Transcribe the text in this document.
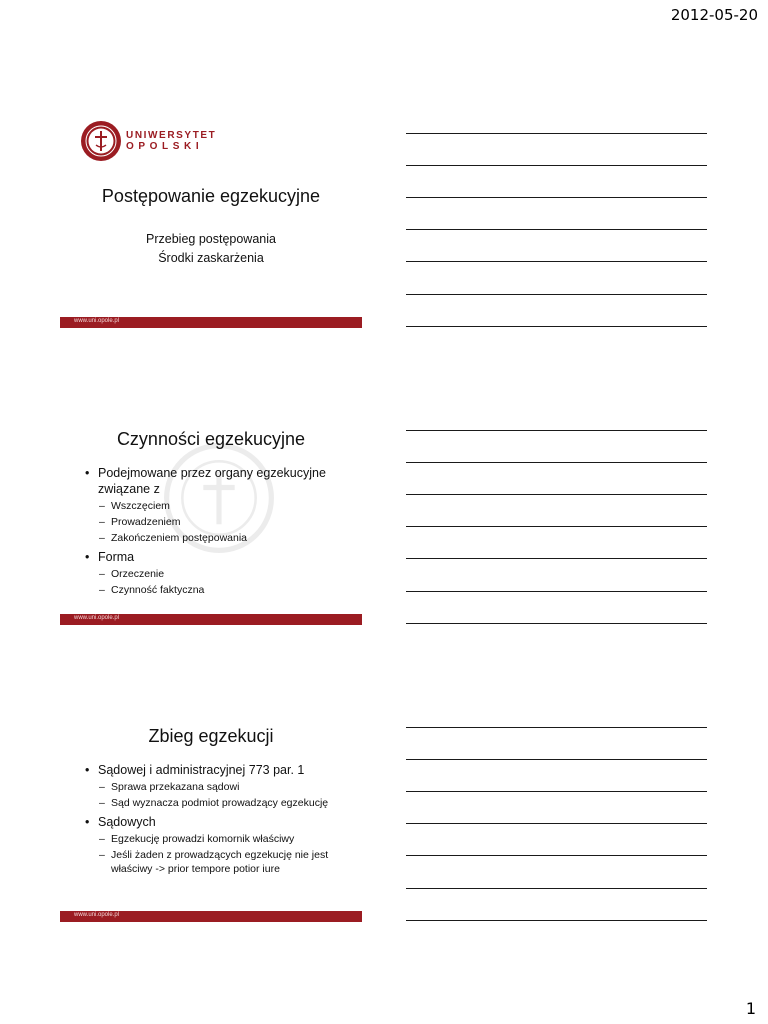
2012-05-20
UNIWERSYTET
OPOLSKI
Postępowanie egzekucyjne
Przebieg postępowania
Środki zaskarżenia
www.uni.opole.pl
Czynności egzekucyjne
• Podejmowane przez organy egzekucyjne związane z
– Wszczęciem
– Prowadzeniem
– Zakończeniem postępowania
• Forma
– Orzeczenie
– Czynność faktyczna
www.uni.opole.pl
Zbieg egzekucji
• Sądowej i administracyjnej 773 par. 1
– Sprawa przekazana sądowi
– Sąd wyznacza podmiot prowadzący egzekucję
• Sądowych
– Egzekucję prowadzi komornik właściwy
– Jeśli żaden z prowadzących egzekucję nie jest właściwy -> prior tempore potior iure
www.uni.opole.pl
1
